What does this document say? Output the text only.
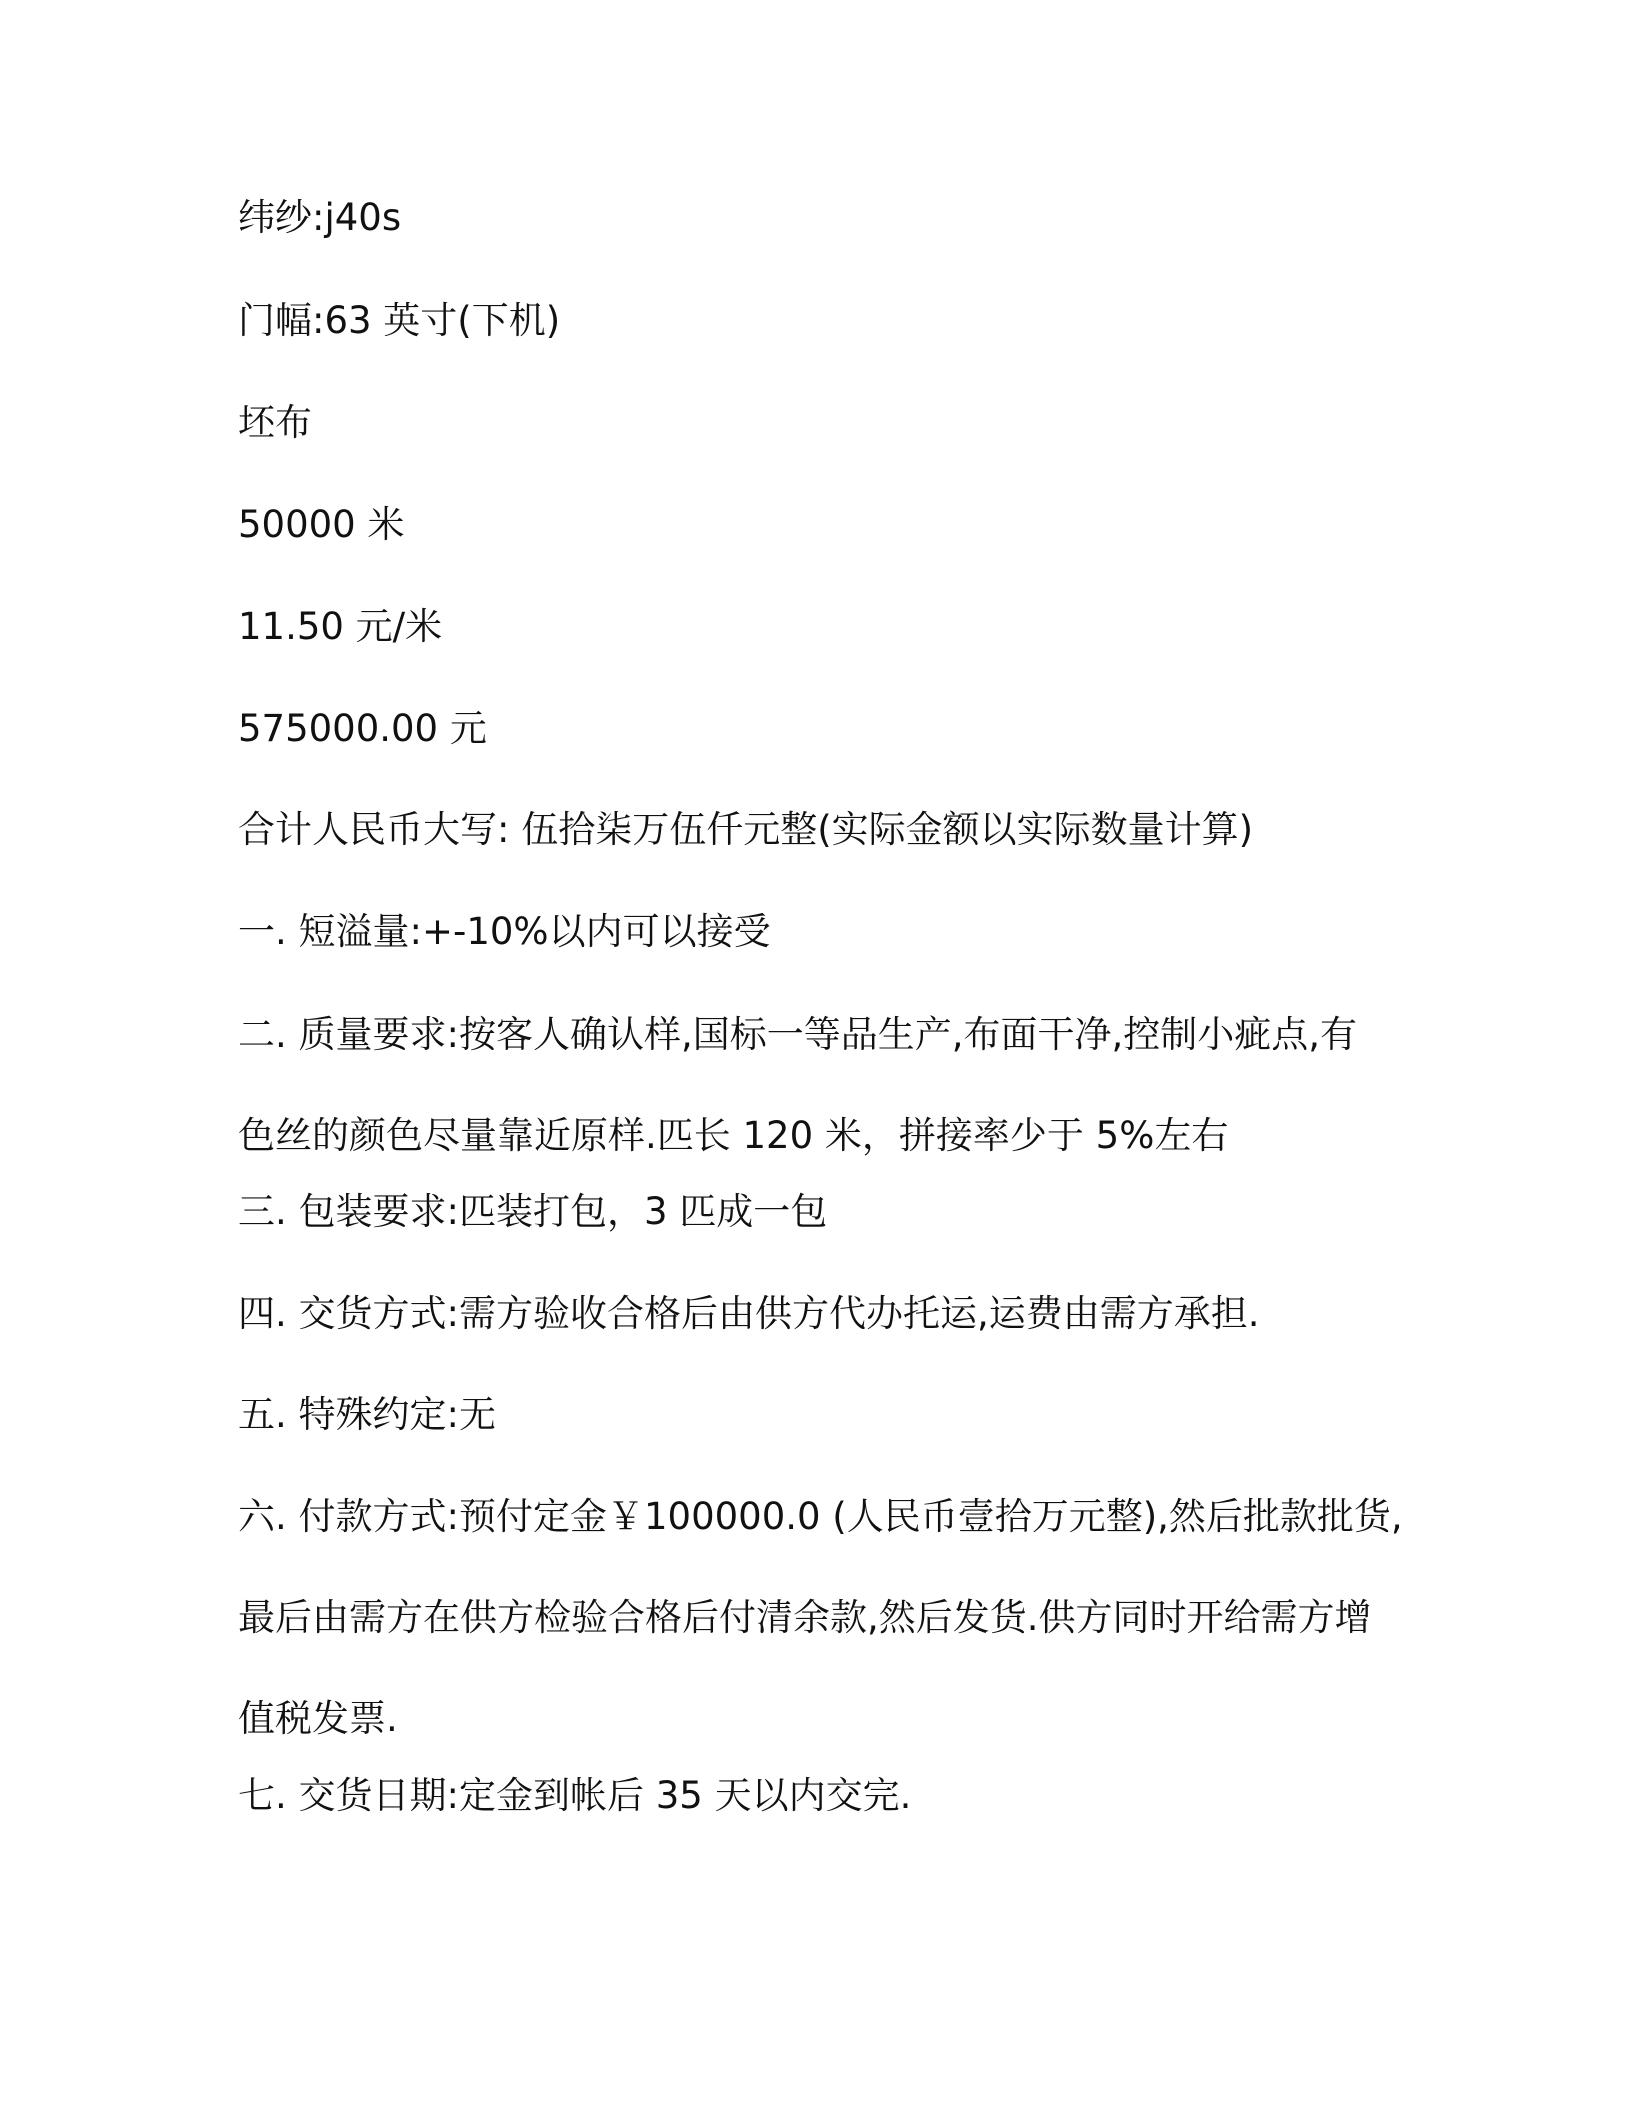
纬纱:j40s
门幅:63 英寸(下机)
坯布
50000 米
11.50 元/米
575000.00 元
合计人民币大写: 伍拾柒万伍仟元整(实际金额以实际数量计算)
一. 短溢量:+-10%以内可以接受
二. 质量要求:按客人确认样,国标一等品生产,布面干净,控制小疵点,有
色丝的颜色尽量靠近原样.匹长 120 米，拼接率少于 5%左右
三. 包装要求:匹装打包，3 匹成一包
四. 交货方式:需方验收合格后由供方代办托运,运费由需方承担.
五. 特殊约定:无
六. 付款方式:预付定金￥100000.0 (人民币壹拾万元整),然后批款批货,
最后由需方在供方检验合格后付清余款,然后发货.供方同时开给需方增
值税发票.
七. 交货日期:定金到帐后 35 天以内交完.
